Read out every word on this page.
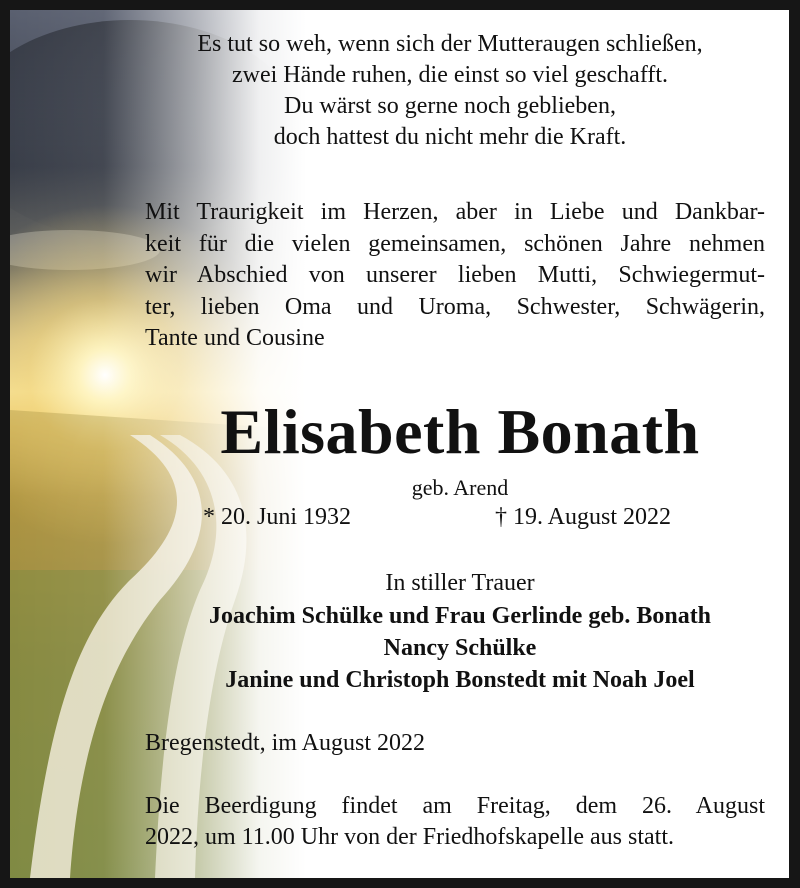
Es tut so weh, wenn sich der Mutteraugen schließen,
zwei Hände ruhen, die einst so viel geschafft.
Du wärst so gerne noch geblieben,
doch hattest du nicht mehr die Kraft.
Mit Traurigkeit im Herzen, aber in Liebe und Dankbar-
keit für die vielen gemeinsamen, schönen Jahre nehmen
wir Abschied von unserer lieben Mutti, Schwiegermut-
ter, lieben Oma und Uroma, Schwester, Schwägerin,
Tante und Cousine
Elisabeth Bonath
geb. Arend
* 20. Juni 1932	† 19. August 2022
In stiller Trauer
Joachim Schülke und Frau Gerlinde geb. Bonath
Nancy Schülke
Janine und Christoph Bonstedt mit Noah Joel
Bregenstedt, im August 2022
Die Beerdigung findet am Freitag, dem 26. August
2022, um 11.00 Uhr von der Friedhofskapelle aus statt.
